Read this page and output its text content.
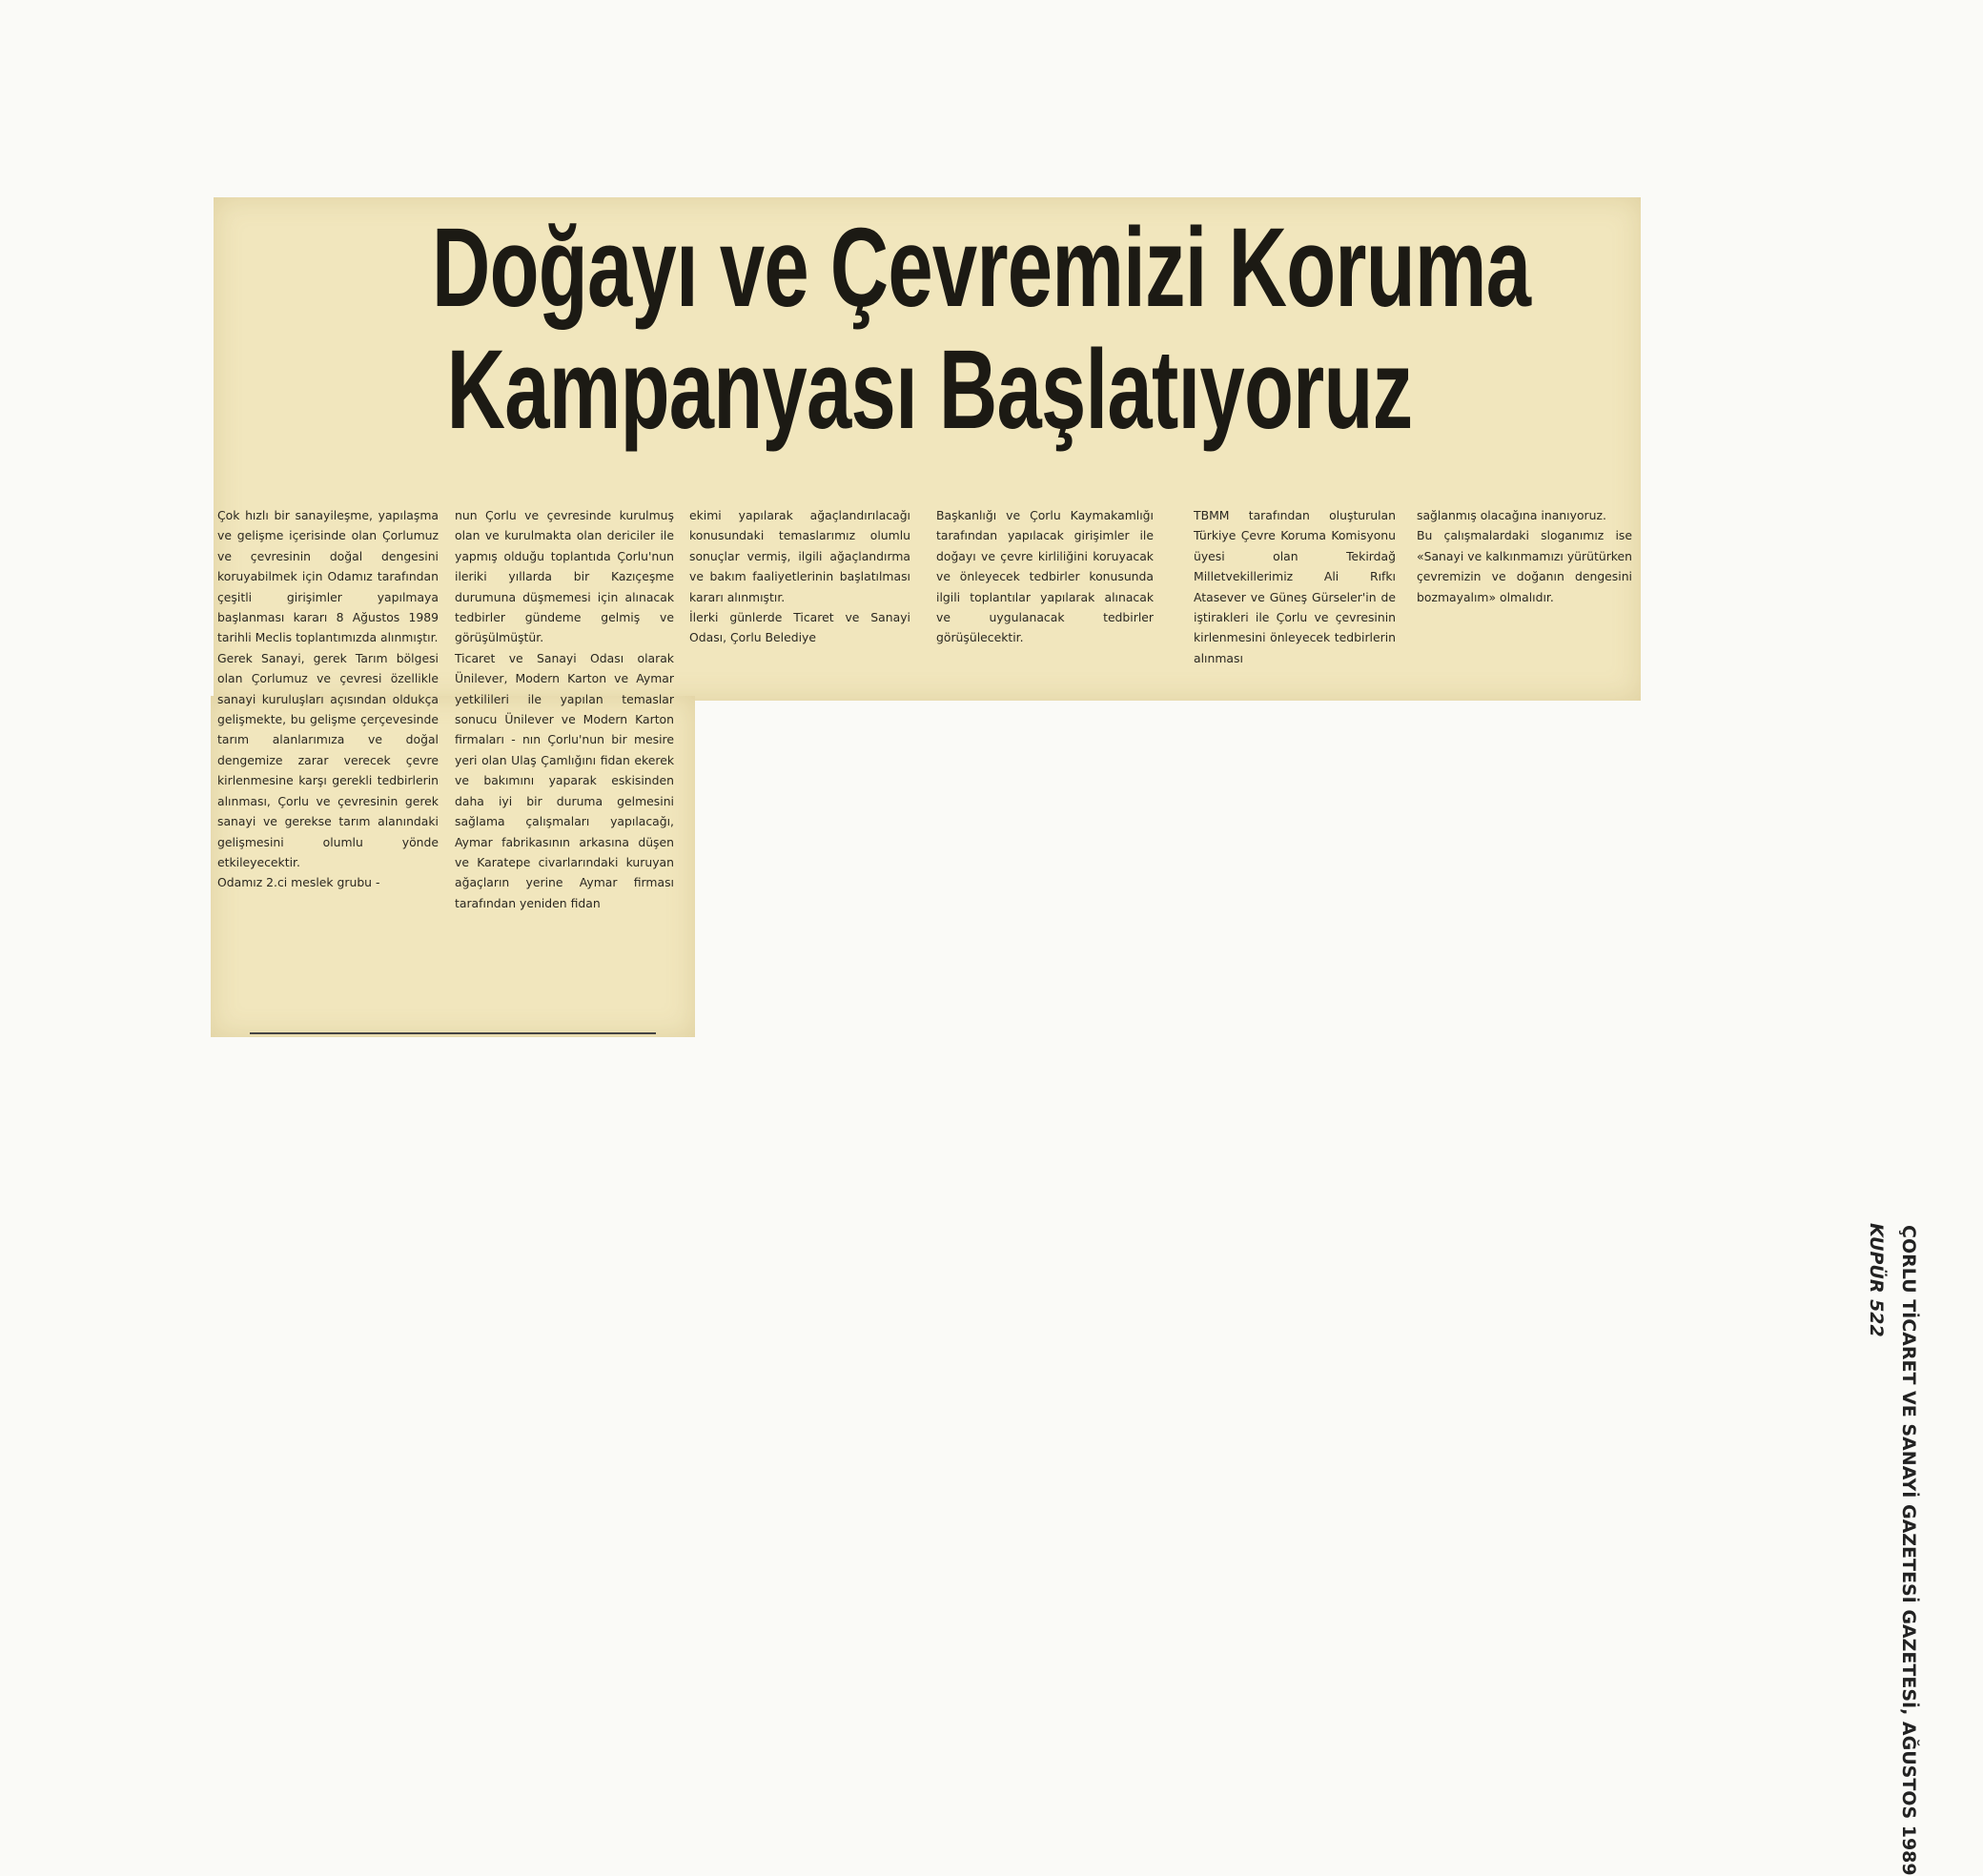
Doğayı ve Çevremizi Koruma
Kampanyası Başlatıyoruz
Çok hızlı bir sanayileşme, yapılaşma ve gelişme içerisinde olan Çorlumuz ve çevresinin doğal dengesini koruyabilmek için Odamız tarafından çeşitli girişimler yapılmaya başlanması kararı 8 Ağustos 1989 tarihli Meclis toplantımızda alınmıştır.
Gerek Sanayi, gerek Tarım bölgesi olan Çorlumuz ve çevresi özellikle sanayi kuruluşları açısından oldukça gelişmekte, bu gelişme çerçevesinde tarım alanlarımıza ve doğal dengemize zarar verecek çevre kirlenmesine karşı gerekli tedbirlerin alınması, Çorlu ve çevresinin gerek sanayi ve gerekse tarım alanındaki gelişmesini olumlu yönde etkileyecektir.
Odamız 2.ci meslek grubu -
nun Çorlu ve çevresinde kurulmuş olan ve kurulmakta olan dericiler ile yapmış olduğu toplantıda Çorlu'nun ileriki yıllarda bir Kazıçeşme durumuna düşmemesi için alınacak tedbirler gündeme gelmiş ve görüşülmüştür.
Ticaret ve Sanayi Odası olarak Ünilever, Modern Karton ve Aymar yetkilileri ile yapılan temaslar sonucu Ünilever ve Modern Karton firmaları - nın Çorlu'nun bir mesire yeri olan Ulaş Çamlığını fidan ekerek ve bakımını yaparak eskisinden daha iyi bir duruma gelmesini sağlama çalışmaları yapılacağı, Aymar fabrikasının arkasına düşen ve Karatepe civarlarındaki kuruyan ağaçların yerine Aymar firması tarafından yeniden fidan
ekimi yapılarak ağaçlandırılacağı konusundaki temaslarımız olumlu sonuçlar vermiş, ilgili ağaçlandırma ve bakım faaliyetlerinin başlatılması kararı alınmıştır.
İlerki günlerde Ticaret ve Sanayi Odası, Çorlu Belediye
Başkanlığı ve Çorlu Kaymakamlığı tarafından yapılacak girişimler ile doğayı ve çevre kirliliğini koruyacak ve önleyecek tedbirler konusunda ilgili toplantılar yapılarak alınacak ve uygulanacak tedbirler görüşülecektir.
TBMM tarafından oluşturulan Türkiye Çevre Koruma Komisyonu üyesi olan Tekirdağ Milletvekillerimiz Ali Rıfkı Atasever ve Güneş Gürseler'in de iştirakleri ile Çorlu ve çevresinin kirlenmesini önleyecek tedbirlerin alınması
sağlanmış olacağına inanıyoruz.
Bu çalışmalardaki sloganımız ise «Sanayi ve kalkınmamızı yürütürken çevremizin ve doğanın dengesini bozmayalım» olmalıdır.
ÇORLU TİCARET VE SANAYİ GAZETESİ GAZETESİ, AĞUSTOS 1989
KUPÜR 522
